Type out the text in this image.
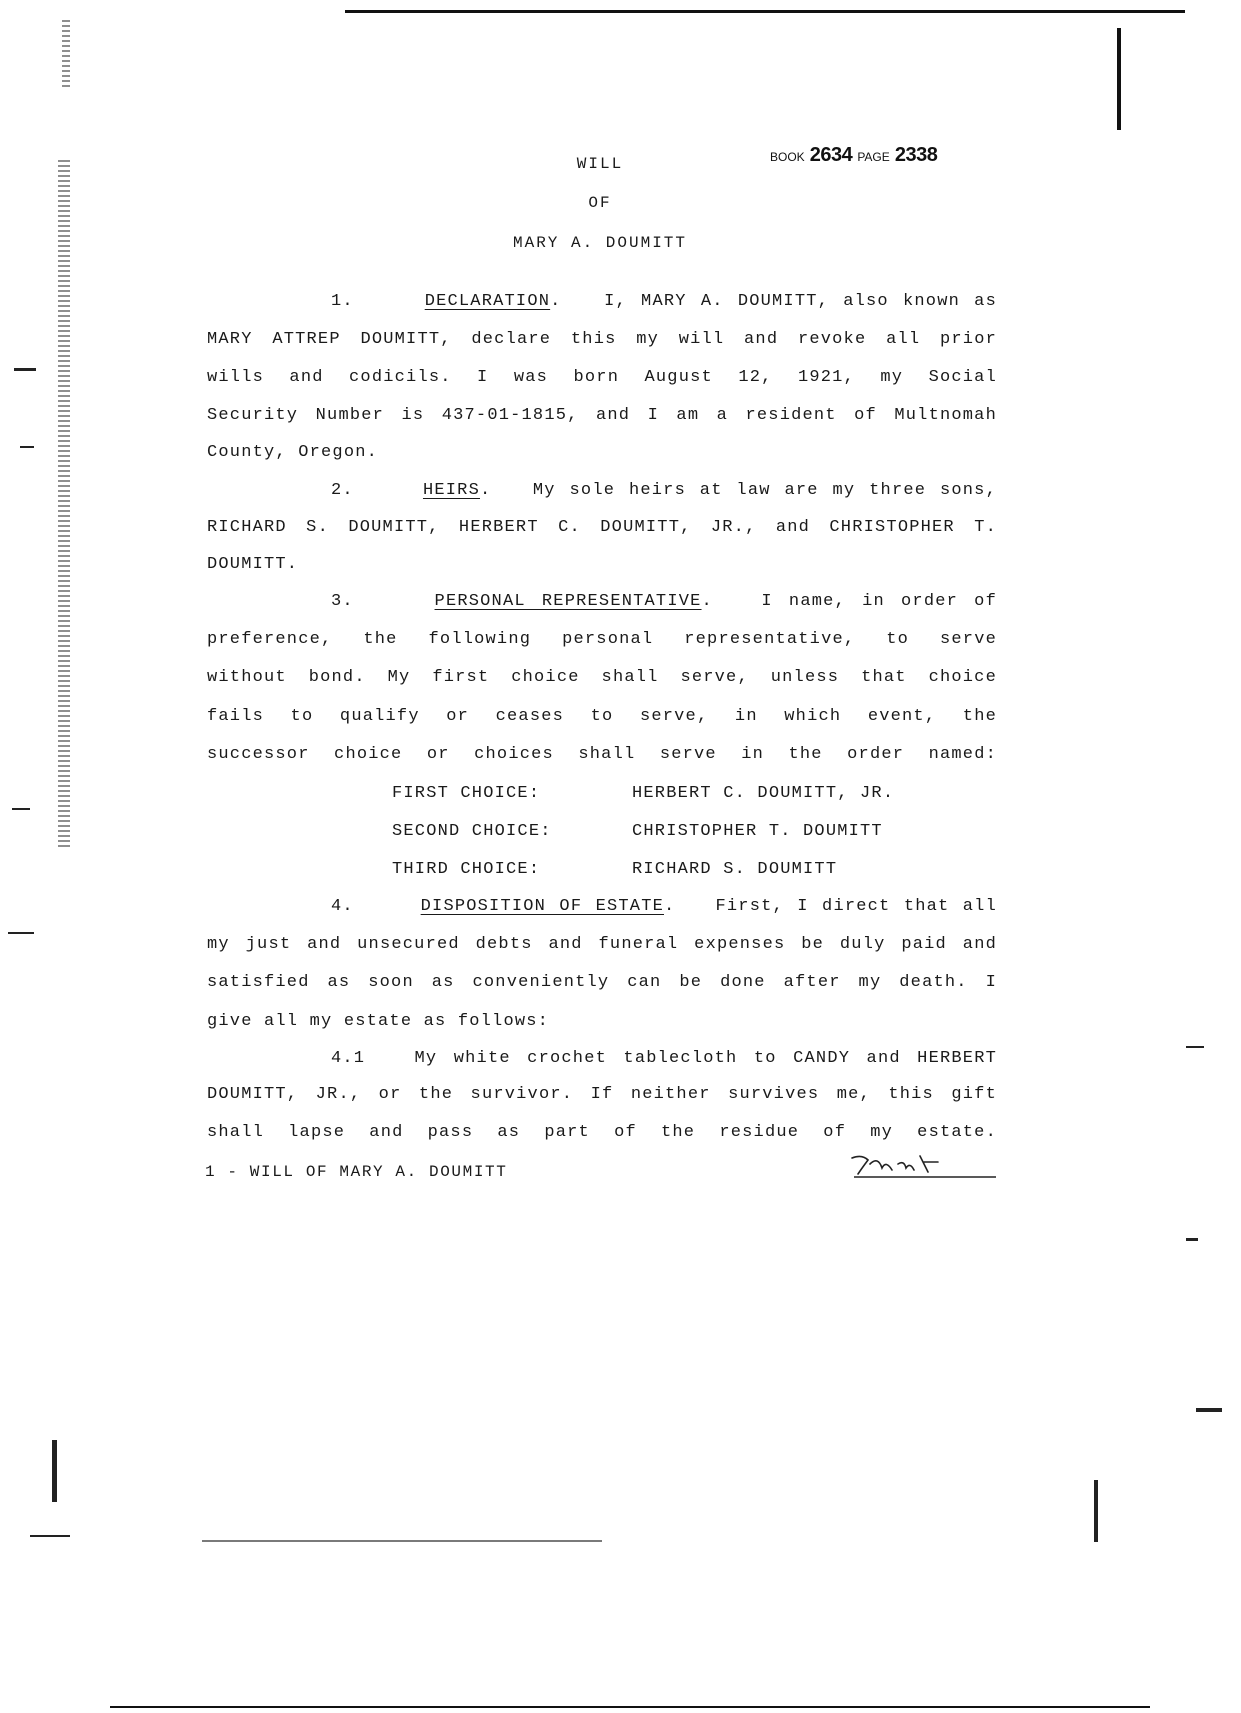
BOOK 2634 PAGE 2338
WILL
OF
MARY A. DOUMITT
1.	DECLARATION.	I, MARY A. DOUMITT, also known as
MARY ATTREP DOUMITT, declare this my will and revoke all prior
wills and codicils. I was born August 12, 1921, my Social
Security Number is 437-01-1815, and I am a resident of Multnomah
County, Oregon.
2.	HEIRS. My sole heirs at law are my three sons,
RICHARD S. DOUMITT, HERBERT C. DOUMITT, JR., and CHRISTOPHER T.
DOUMITT.
3.	PERSONAL REPRESENTATIVE.	I name, in order of
preference, the following personal representative, to serve
without bond. My first choice shall serve, unless that choice
fails to qualify or ceases to serve, in which event, the
successor choice or choices shall serve in the order named:
FIRST CHOICE:	HERBERT C. DOUMITT, JR.
SECOND CHOICE:	CHRISTOPHER T. DOUMITT
THIRD CHOICE:	RICHARD S. DOUMITT
4.	DISPOSITION OF ESTATE. First, I direct that all
my just and unsecured debts and funeral expenses be duly paid and
satisfied as soon as conveniently can be done after my death. I
give all my estate as follows:
4.1	My white crochet tablecloth to CANDY and HERBERT
DOUMITT, JR., or the survivor. If neither survives me, this gift
shall lapse and pass as part of the residue of my estate.
1 - WILL OF MARY A. DOUMITT
